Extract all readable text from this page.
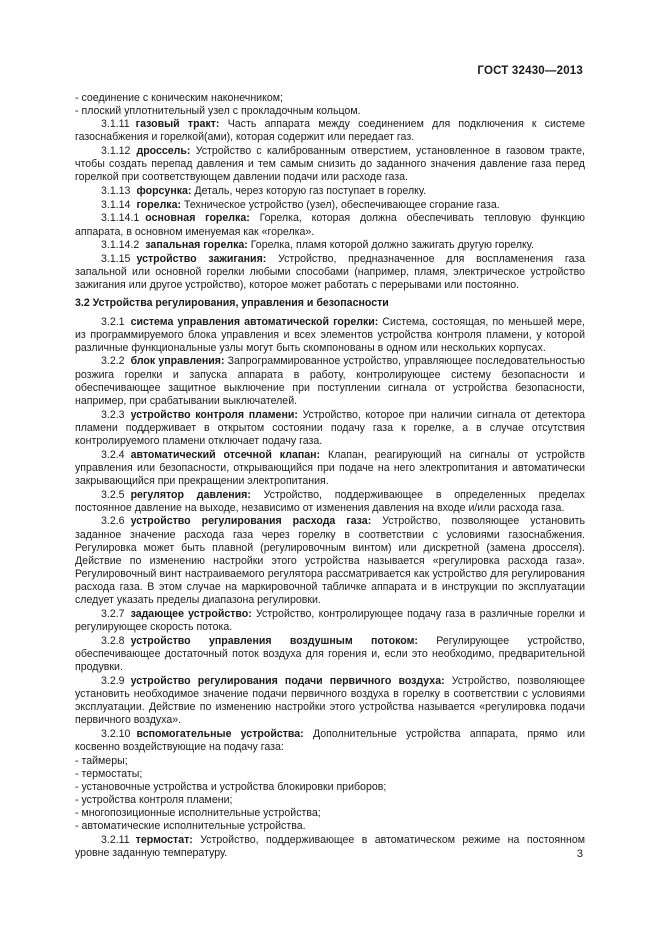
ГОСТ 32430—2013
- соединение с коническим наконечником;
- плоский уплотнительный узел с прокладочным кольцом.
3.1.11 газовый тракт: Часть аппарата между соединением для подключения к системе газоснабжения и горелкой(ами), которая содержит или передает газ.
3.1.12 дроссель: Устройство с калиброванным отверстием, установленное в газовом тракте, чтобы создать перепад давления и тем самым снизить до заданного значения давление газа перед горелкой при соответствующем давлении подачи или расходе газа.
3.1.13 форсунка: Деталь, через которую газ поступает в горелку.
3.1.14 горелка: Техническое устройство (узел), обеспечивающее сгорание газа.
3.1.14.1 основная горелка: Горелка, которая должна обеспечивать тепловую функцию аппарата, в основном именуемая как «горелка».
3.1.14.2 запальная горелка: Горелка, пламя которой должно зажигать другую горелку.
3.1.15 устройство зажигания: Устройство, предназначенное для воспламенения газа запальной или основной горелки любыми способами (например, пламя, электрическое устройство зажигания или другое устройство), которое может работать с перерывами или постоянно.
3.2 Устройства регулирования, управления и безопасности
3.2.1 система управления автоматической горелки: Система, состоящая, по меньшей мере, из программируемого блока управления и всех элементов устройства контроля пламени, у которой различные функциональные узлы могут быть скомпонованы в одном или нескольких корпусах.
3.2.2 блок управления: Запрограммированное устройство, управляющее последовательностью розжига горелки и запуска аппарата в работу, контролирующее систему безопасности и обеспечивающее защитное выключение при поступлении сигнала от устройства безопасности, например, при срабатывании выключателей.
3.2.3 устройство контроля пламени: Устройство, которое при наличии сигнала от детектора пламени поддерживает в открытом состоянии подачу газа к горелке, а в случае отсутствия контролируемого пламени отключает подачу газа.
3.2.4 автоматический отсечной клапан: Клапан, реагирующий на сигналы от устройств управления или безопасности, открывающийся при подаче на него электропитания и автоматически закрывающийся при прекращении электропитания.
3.2.5 регулятор давления: Устройство, поддерживающее в определенных пределах постоянное давление на выходе, независимо от изменения давления на входе и/или расхода газа.
3.2.6 устройство регулирования расхода газа: Устройство, позволяющее установить заданное значение расхода газа через горелку в соответствии с условиями газоснабжения. Регулировка может быть плавной (регулировочным винтом) или дискретной (замена дросселя). Действие по изменению настройки этого устройства называется «регулировка расхода газа». Регулировочный винт настраиваемого регулятора рассматривается как устройство для регулирования расхода газа. В этом случае на маркировочной табличке аппарата и в инструкции по эксплуатации следует указать пределы диапазона регулировки.
3.2.7 задающее устройство: Устройство, контролирующее подачу газа в различные горелки и регулирующее скорость потока.
3.2.8 устройство управления воздушным потоком: Регулирующее устройство, обеспечивающее достаточный поток воздуха для горения и, если это необходимо, предварительной продувки.
3.2.9 устройство регулирования подачи первичного воздуха: Устройство, позволяющее установить необходимое значение подачи первичного воздуха в горелку в соответствии с условиями эксплуатации. Действие по изменению настройки этого устройства называется «регулировка подачи первичного воздуха».
3.2.10 вспомогательные устройства: Дополнительные устройства аппарата, прямо или косвенно воздействующие на подачу газа:
- таймеры;
- термостаты;
- установочные устройства и устройства блокировки приборов;
- устройства контроля пламени;
- многопозиционные исполнительные устройства;
- автоматические исполнительные устройства.
3.2.11 термостат: Устройство, поддерживающее в автоматическом режиме на постоянном уровне заданную температуру.	3
